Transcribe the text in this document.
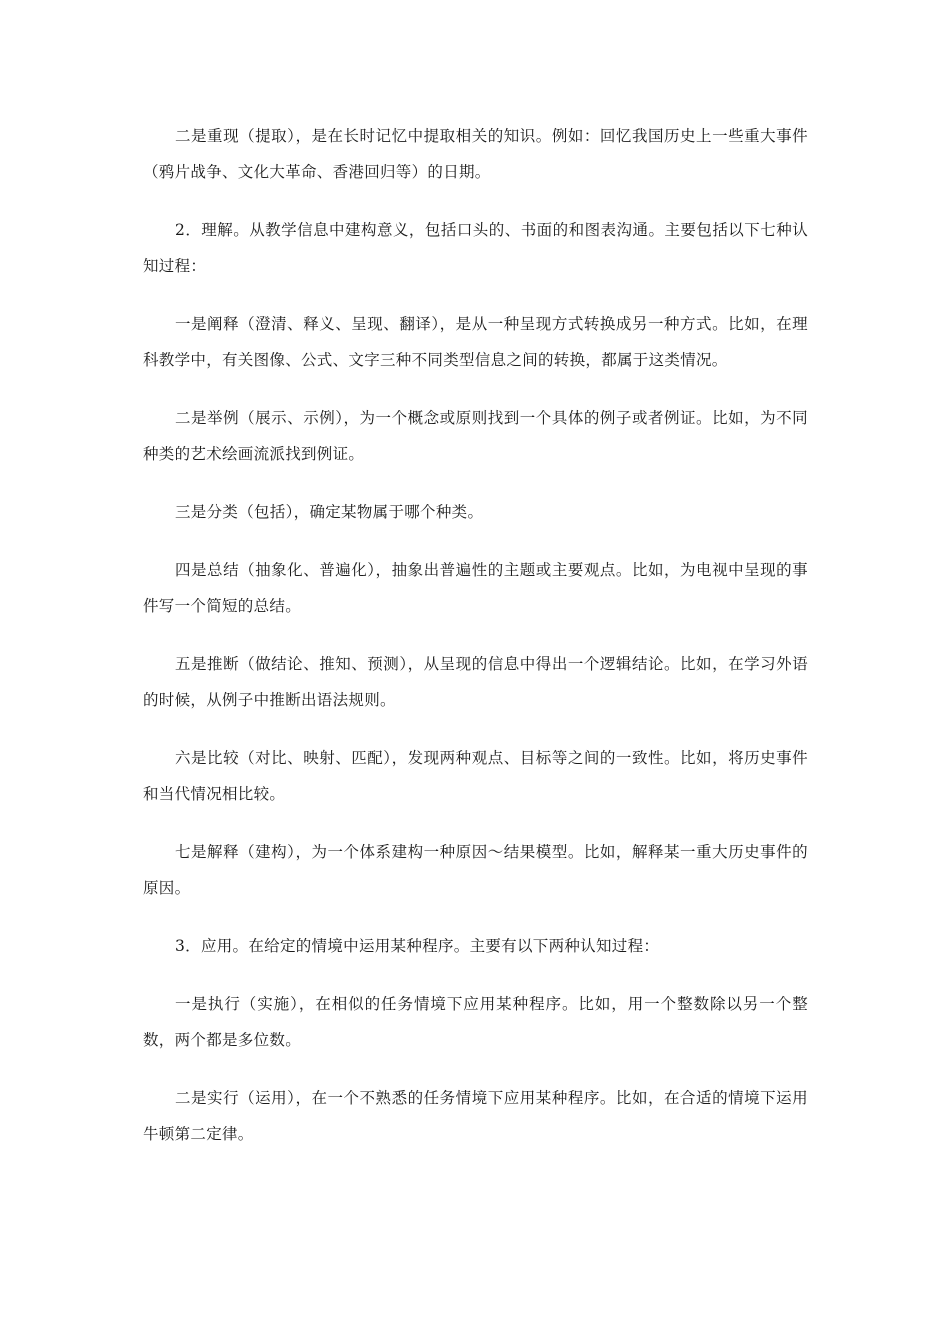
二是重现（提取），是在长时记忆中提取相关的知识。例如：回忆我国历史上一些重大事件（鸦片战争、文化大革命、香港回归等）的日期。

2．理解。从教学信息中建构意义，包括口头的、书面的和图表沟通。主要包括以下七种认知过程：

一是阐释（澄清、释义、呈现、翻译），是从一种呈现方式转换成另一种方式。比如，在理科教学中，有关图像、公式、文字三种不同类型信息之间的转换，都属于这类情况。

二是举例（展示、示例），为一个概念或原则找到一个具体的例子或者例证。比如，为不同种类的艺术绘画流派找到例证。

三是分类（包括），确定某物属于哪个种类。

四是总结（抽象化、普遍化），抽象出普遍性的主题或主要观点。比如，为电视中呈现的事件写一个简短的总结。

五是推断（做结论、推知、预测），从呈现的信息中得出一个逻辑结论。比如，在学习外语的时候，从例子中推断出语法规则。

六是比较（对比、映射、匹配），发现两种观点、目标等之间的一致性。比如，将历史事件和当代情况相比较。

七是解释（建构），为一个体系建构一种原因～结果模型。比如，解释某一重大历史事件的原因。

3．应用。在给定的情境中运用某种程序。主要有以下两种认知过程：

一是执行（实施），在相似的任务情境下应用某种程序。比如，用一个整数除以另一个整数，两个都是多位数。

二是实行（运用），在一个不熟悉的任务情境下应用某种程序。比如，在合适的情境下运用牛顿第二定律。
